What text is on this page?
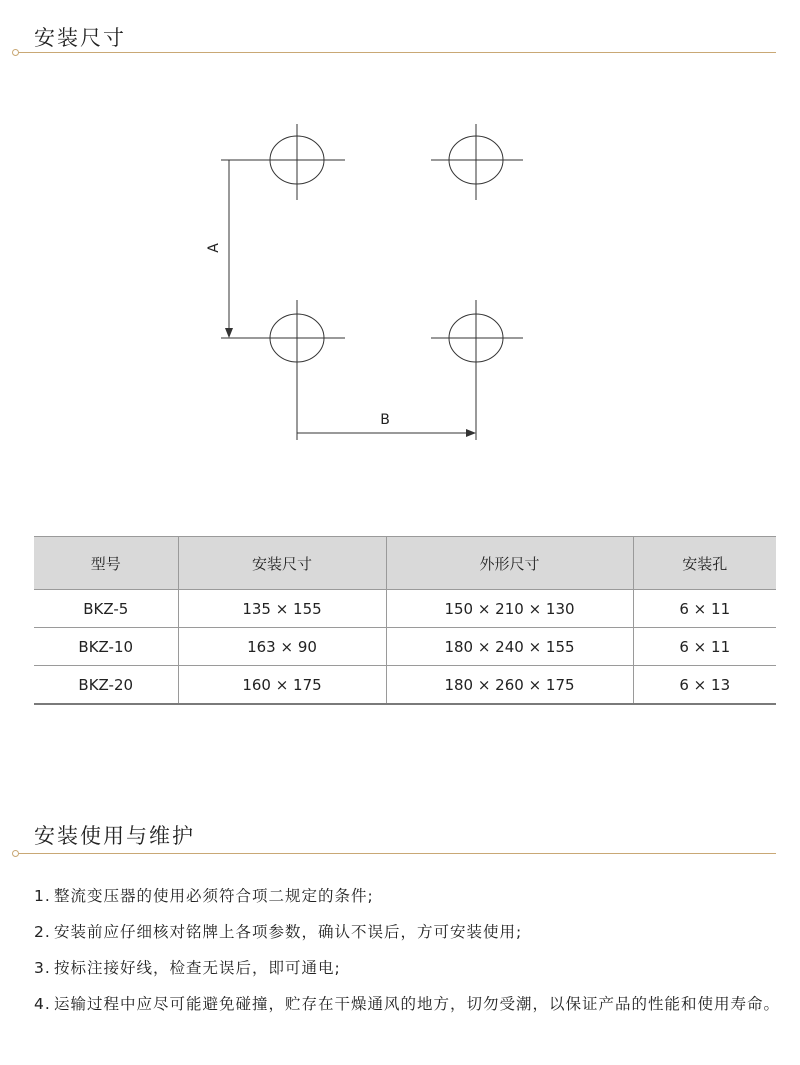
安装尺寸
A
B
型号	安装尺寸	外形尺寸	安装孔
BKZ-5	135 × 155	150 × 210 × 130	6 × 11
BKZ-10	163 × 90	180 × 240 × 155	6 × 11
BKZ-20	160 × 175	180 × 260 × 175	6 × 13
安装使用与维护
1. 整流变压器的使用必须符合项二规定的条件;
2. 安装前应仔细核对铭牌上各项参数，确认不误后，方可安装使用;
3. 按标注接好线，检查无误后，即可通电;
4. 运输过程中应尽可能避免碰撞，贮存在干燥通风的地方，切勿受潮，以保证产品的性能和使用寿命。
